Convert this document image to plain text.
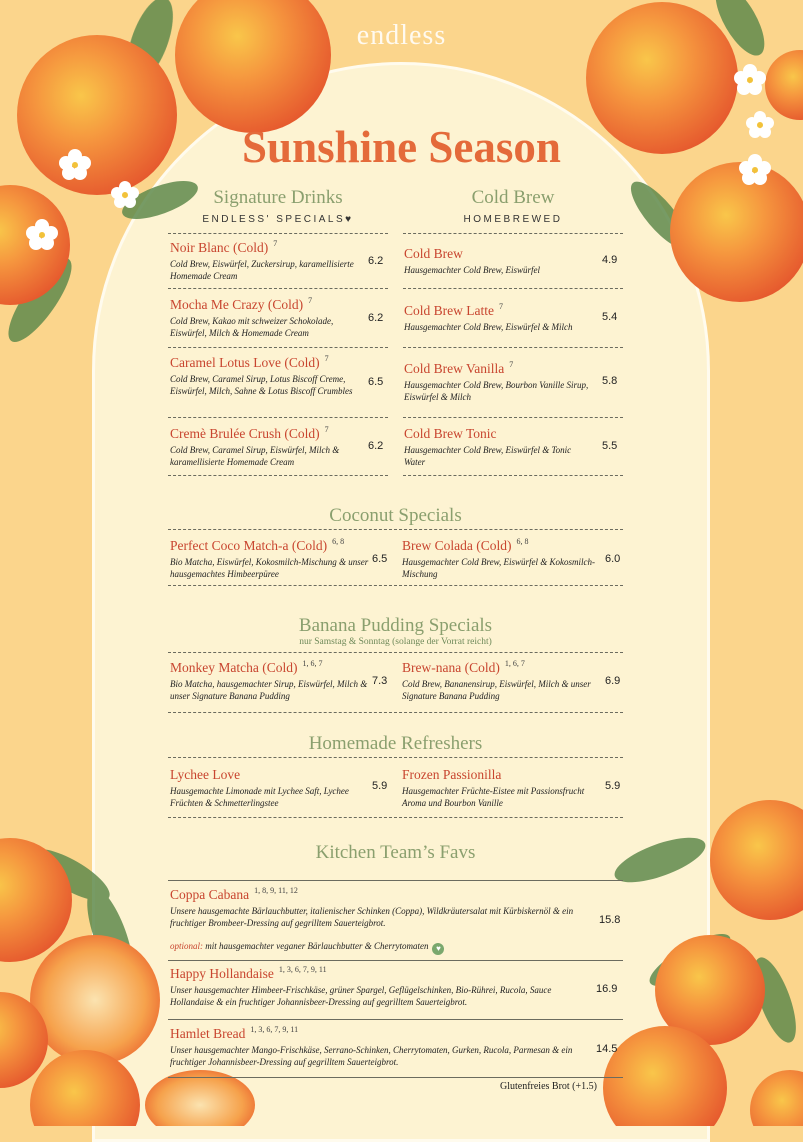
endless
Sunshine Season
Signature Drinks
ENDLESS' SPECIALS♥
Cold Brew
HOMEBREWED
Noir Blanc (Cold) $^7$
Cold Brew, Eiswürfel, Zuckersirup, karamellisierte Homemade Cream
6.2
Mocha Me Crazy (Cold) $^7$
Cold Brew, Kakao mit schweizer Schokolade, Eiswürfel, Milch & Homemade Cream
6.2
Caramel Lotus Love (Cold) $^7$
Cold Brew, Caramel Sirup, Lotus Biscoff Creme, Eiswürfel, Milch, Sahne & Lotus Biscoff Crumbles
6.5
Cremè Brulée Crush (Cold) $^7$
Cold Brew, Caramel Sirup, Eiswürfel, Milch & karamellisierte Homemade Cream
6.2
Cold Brew
Hausgemachter Cold Brew, Eiswürfel
4.9
Cold Brew Latte $^7$
Hausgemachter Cold Brew, Eiswürfel & Milch
5.4
Cold Brew Vanilla $^7$
Hausgemachter Cold Brew, Bourbon Vanille Sirup, Eiswürfel & Milch
5.8
Cold Brew Tonic
Hausgemachter Cold Brew, Eiswürfel & Tonic Water
5.5
Coconut Specials
Perfect Coco Match-a (Cold) $^{6, 8}$
Bio Matcha, Eiswürfel, Kokosmilch-Mischung & unser hausgemachtes Himbeerpüree
6.5
Brew Colada (Cold) $^{6, 8}$
Hausgemachter Cold Brew, Eiswürfel & Kokosmilch-Mischung
6.0
Banana Pudding Specials
nur Samstag & Sonntag (solange der Vorrat reicht)
Monkey Matcha (Cold) $^{1, 6, 7}$
Bio Matcha, hausgemachter Sirup, Eiswürfel, Milch & unser Signature Banana Pudding
7.3
Brew-nana (Cold) $^{1, 6, 7}$
Cold Brew, Bananensirup, Eiswürfel, Milch & unser Signature Banana Pudding
6.9
Homemade Refreshers
Lychee Love
Hausgemachte Limonade mit Lychee Saft, Lychee Früchten & Schmetterlingstee
5.9
Frozen Passionilla
Hausgemachter Früchte-Eistee mit Passionsfrucht Aroma und Bourbon Vanille
5.9
Kitchen Team’s Favs
Coppa Cabana $^{1, 8, 9, 11, 12}$
Unsere hausgemachte Bärlauchbutter, italienischer Schinken (Coppa), Wildkräutersalat mit Kürbiskernöl & ein fruchtiger Brombeer-Dressing auf gegrilltem Sauerteigbrot.	15.8
optional: mit hausgemachter veganer Bärlauchbutter & Cherrytomaten ♥
Happy Hollandaise $^{1, 3, 6, 7, 9, 11}$
Unser hausgemachter Himbeer-Frischkäse, grüner Spargel, Geflügelschinken, Bio-Rührei, Rucola, Sauce Hollandaise & ein fruchtiger Johannisbeer-Dressing auf gegrilltem Sauerteigbrot.
16.9
Hamlet Bread $^{1, 3, 6, 7, 9, 11}$
Unser hausgemachter Mango-Frischkäse, Serrano-Schinken, Cherrytomaten, Gurken, Rucola, Parmesan & ein fruchtiger Johannisbeer-Dressing auf gegrilltem Sauerteigbrot.
14.5
Glutenfreies Brot (+1.5)
